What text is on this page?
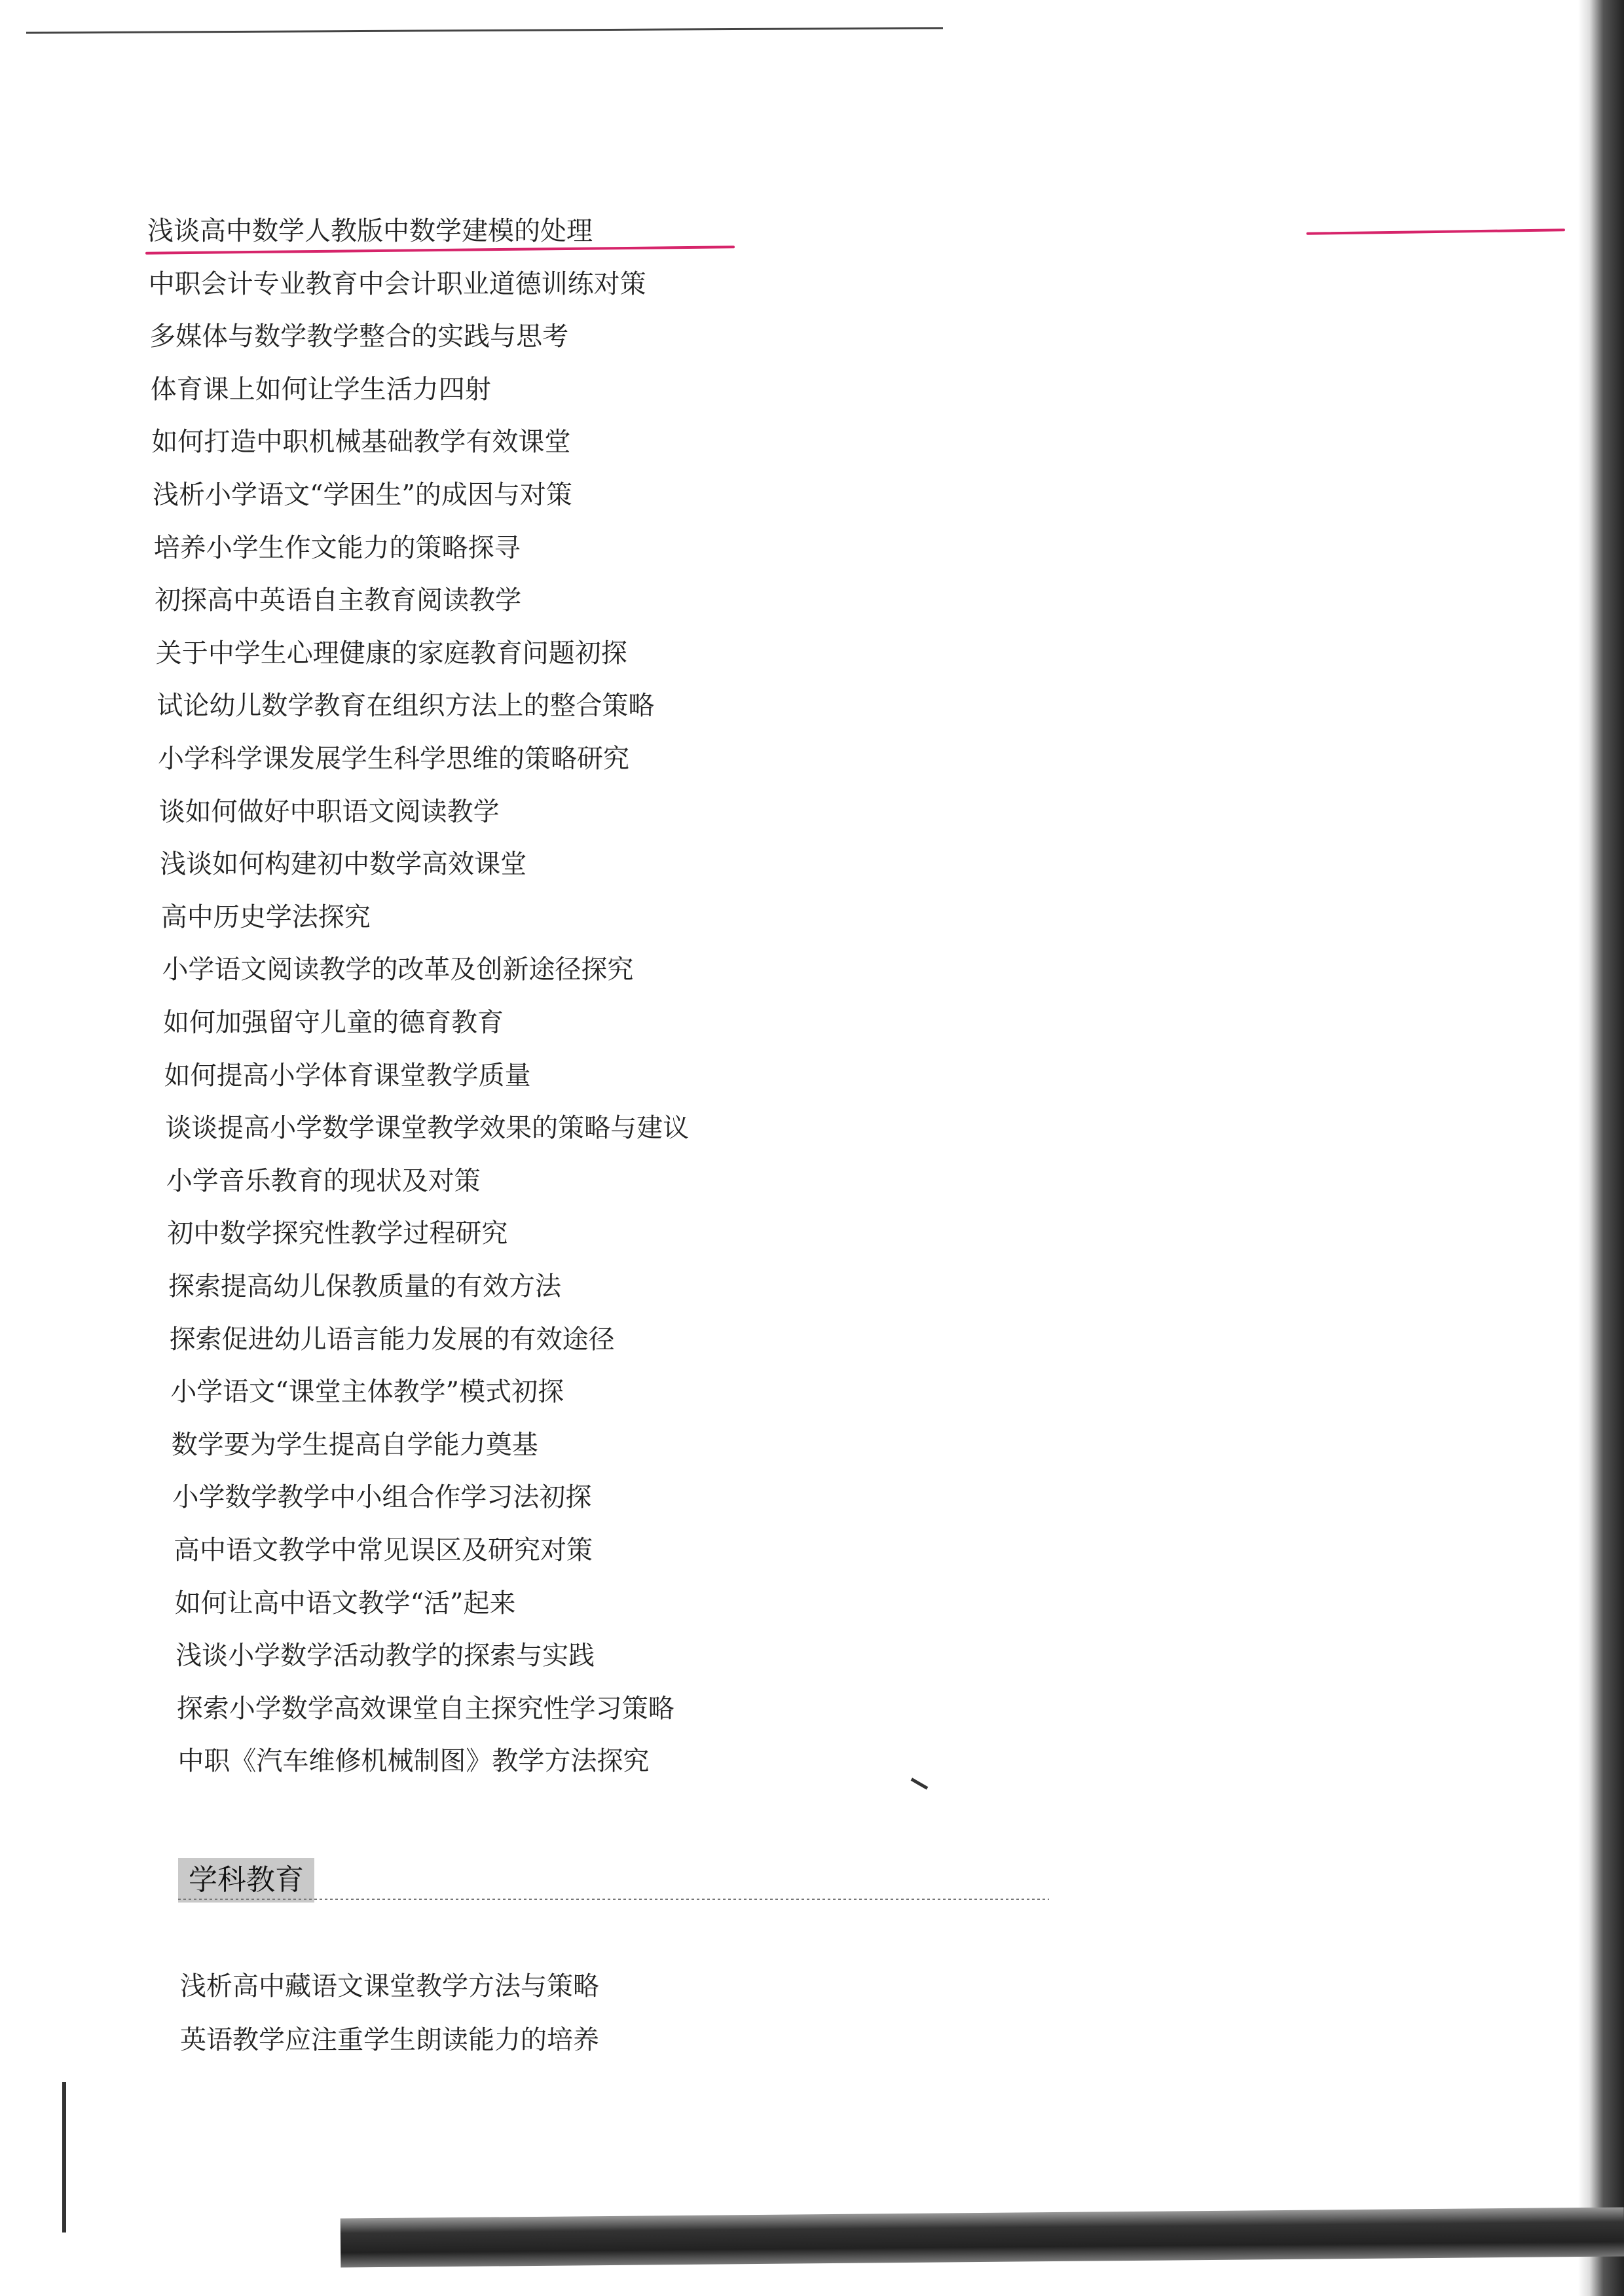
浅谈高中数学人教版中数学建模的处理
中职会计专业教育中会计职业道德训练对策
多媒体与数学教学整合的实践与思考
体育课上如何让学生活力四射
如何打造中职机械基础教学有效课堂
浅析小学语文“学困生”的成因与对策
培养小学生作文能力的策略探寻
初探高中英语自主教育阅读教学
关于中学生心理健康的家庭教育问题初探
试论幼儿数学教育在组织方法上的整合策略
小学科学课发展学生科学思维的策略研究
谈如何做好中职语文阅读教学
浅谈如何构建初中数学高效课堂
高中历史学法探究
小学语文阅读教学的改革及创新途径探究
如何加强留守儿童的德育教育
如何提高小学体育课堂教学质量
谈谈提高小学数学课堂教学效果的策略与建议
小学音乐教育的现状及对策
初中数学探究性教学过程研究
探索提高幼儿保教质量的有效方法
探索促进幼儿语言能力发展的有效途径
小学语文“课堂主体教学”模式初探
数学要为学生提高自学能力奠基
小学数学教学中小组合作学习法初探
高中语文教学中常见误区及研究对策
如何让高中语文教学“活”起来
浅谈小学数学活动教学的探索与实践
探索小学数学高效课堂自主探究性学习策略
中职《汽车维修机械制图》教学方法探究
学科教育
浅析高中藏语文课堂教学方法与策略
英语教学应注重学生朗读能力的培养
